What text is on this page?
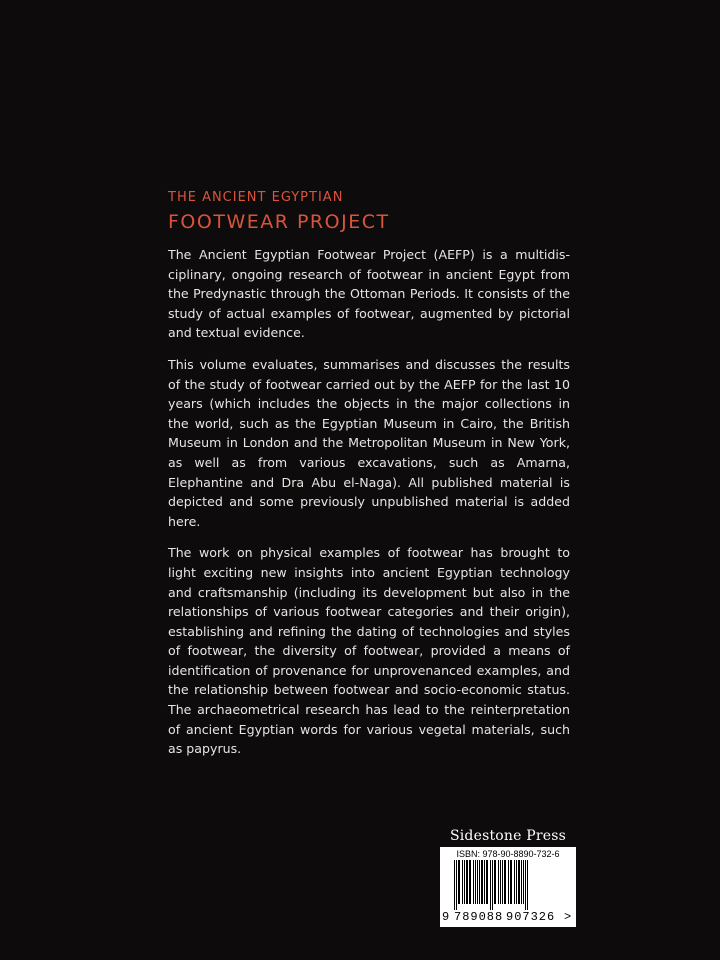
THE ANCIENT EGYPTIAN
FOOTWEAR PROJECT

The Ancient Egyptian Footwear Project (AEFP) is a multidisciplinary, ongoing research of footwear in ancient Egypt from the Predynastic through the Ottoman Periods. It consists of the study of actual examples of footwear, augmented by pictorial and textual evidence.

This volume evaluates, summarises and discusses the results of the study of footwear carried out by the AEFP for the last 10 years (which includes the objects in the major collections in the world, such as the Egyptian Museum in Cairo, the British Museum in London and the Metropolitan Museum in New York, as well as from various excavations, such as Amarna, Elephantine and Dra Abu el-Naga). All published material is depicted and some previously unpublished material is added here.

The work on physical examples of footwear has brought to light exciting new insights into ancient Egyptian technology and craftsmanship (including its development but also in the relationships of various footwear categories and their origin), establishing and refining the dating of technologies and styles of footwear, the diversity of footwear, provided a means of identification of provenance for unprovenanced examples, and the relationship between footwear and socio-economic status. The archaeometrical research has lead to the reinterpretation of ancient Egyptian words for various vegetal materials, such as papyrus.

Sidestone Press
ISBN: 978-90-8890-732-6
9 789088 907326 >
